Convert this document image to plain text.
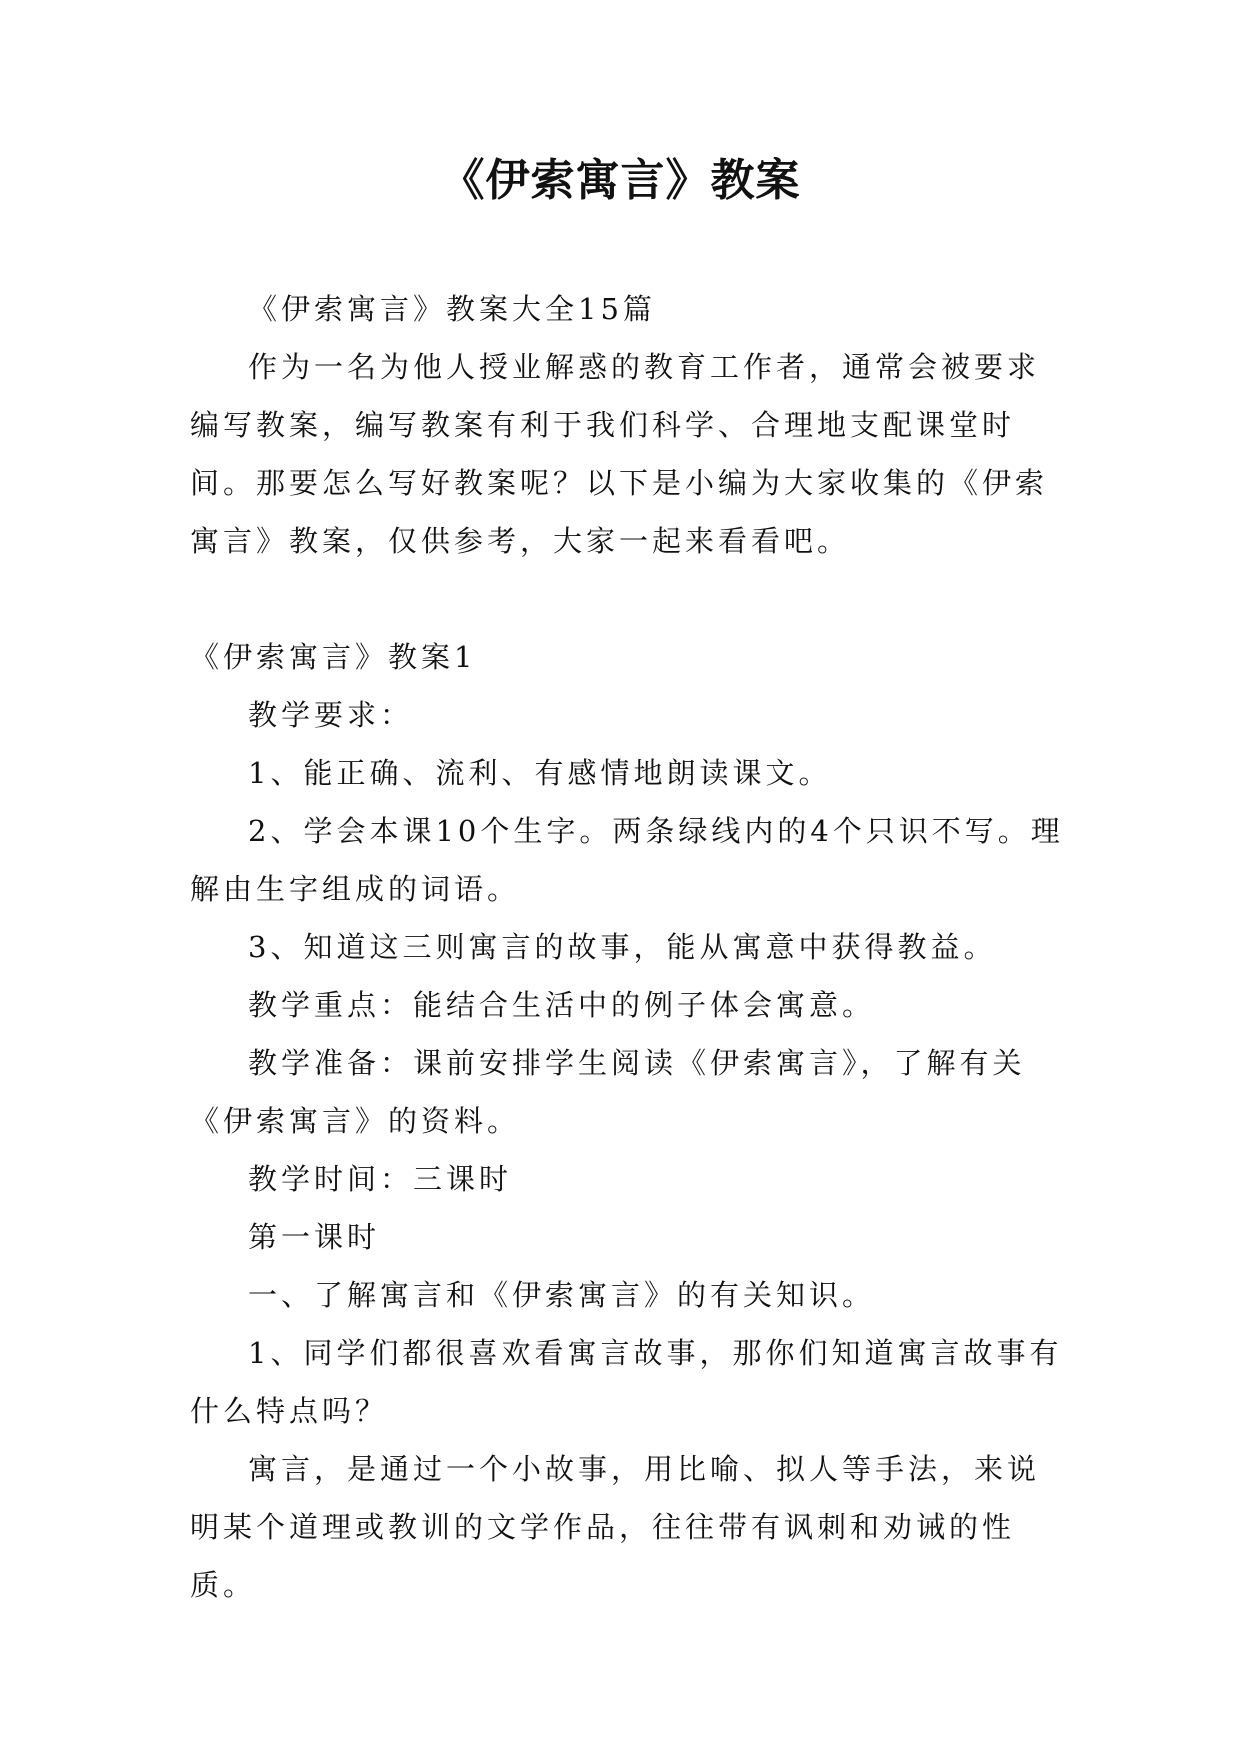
《伊索寓言》教案

《伊索寓言》教案大全15篇

作为一名为他人授业解惑的教育工作者，通常会被要求编写教案，编写教案有利于我们科学、合理地支配课堂时间。那要怎么写好教案呢？以下是小编为大家收集的《伊索寓言》教案，仅供参考，大家一起来看看吧。

《伊索寓言》教案1

教学要求：

1、能正确、流利、有感情地朗读课文。

2、学会本课10个生字。两条绿线内的4个只识不写。理解由生字组成的词语。

3、知道这三则寓言的故事，能从寓意中获得教益。

教学重点：能结合生活中的例子体会寓意。

教学准备：课前安排学生阅读《伊索寓言》，了解有关《伊索寓言》的资料。

教学时间：三课时

第一课时

一、了解寓言和《伊索寓言》的有关知识。

1、同学们都很喜欢看寓言故事，那你们知道寓言故事有什么特点吗？

寓言，是通过一个小故事，用比喻、拟人等手法，来说明某个道理或教训的文学作品，往往带有讽刺和劝诫的性质。
